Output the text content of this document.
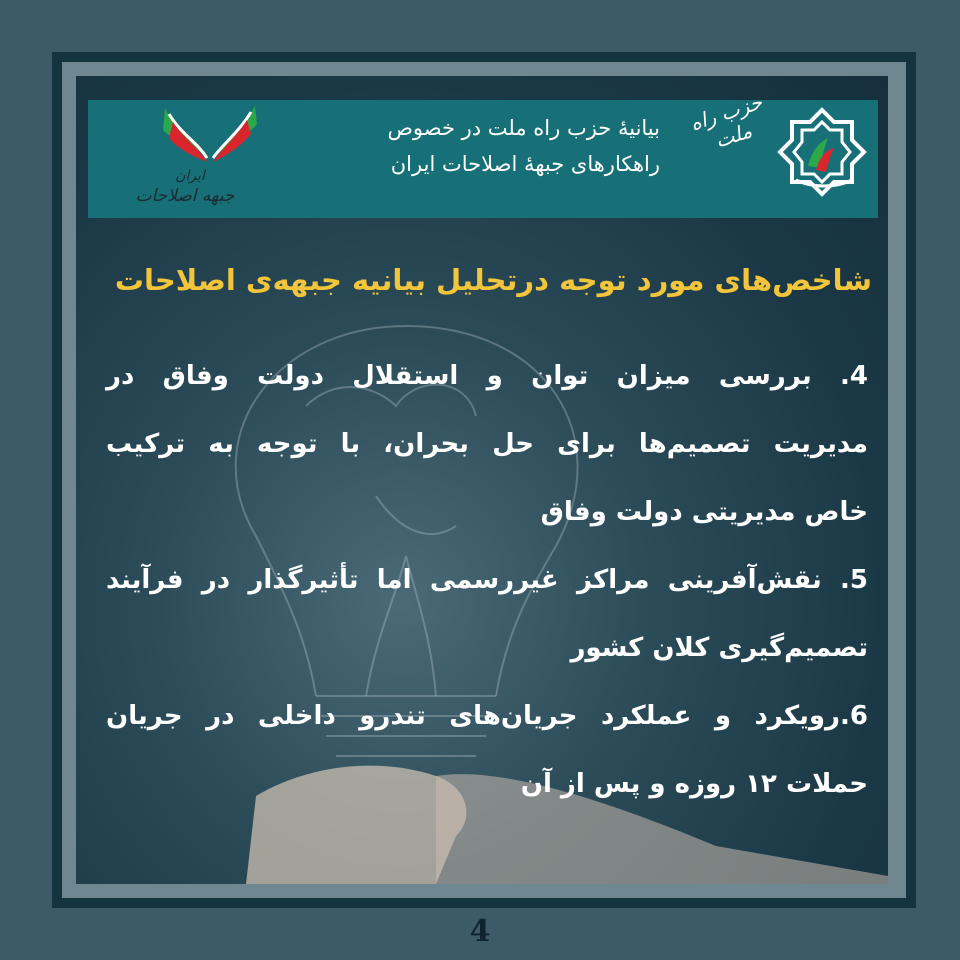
ایران
جبهه اصلاحات
بیانیۀ حزب راه ملت در خصوص
راهکارهای جبهۀ اصلاحات ایران
حزب راه ملت
شاخص‌های مورد توجه درتحلیل بیانیه جبهه‌ی اصلاحات
4. بررسی میزان توان و استقلال دولت وفاق در
مدیریت تصمیم‌ها برای حل بحران، با توجه به ترکیب
خاص مدیریتی دولت وفاق
5. نقش‌آفرینی مراکز غیررسمی اما تأثیرگذار در فرآیند
تصمیم‌گیری کلان کشور
6.رویکرد و عملکرد جریان‌های تندرو داخلی در جریان
حملات ۱۲ روزه و پس از آن
4
